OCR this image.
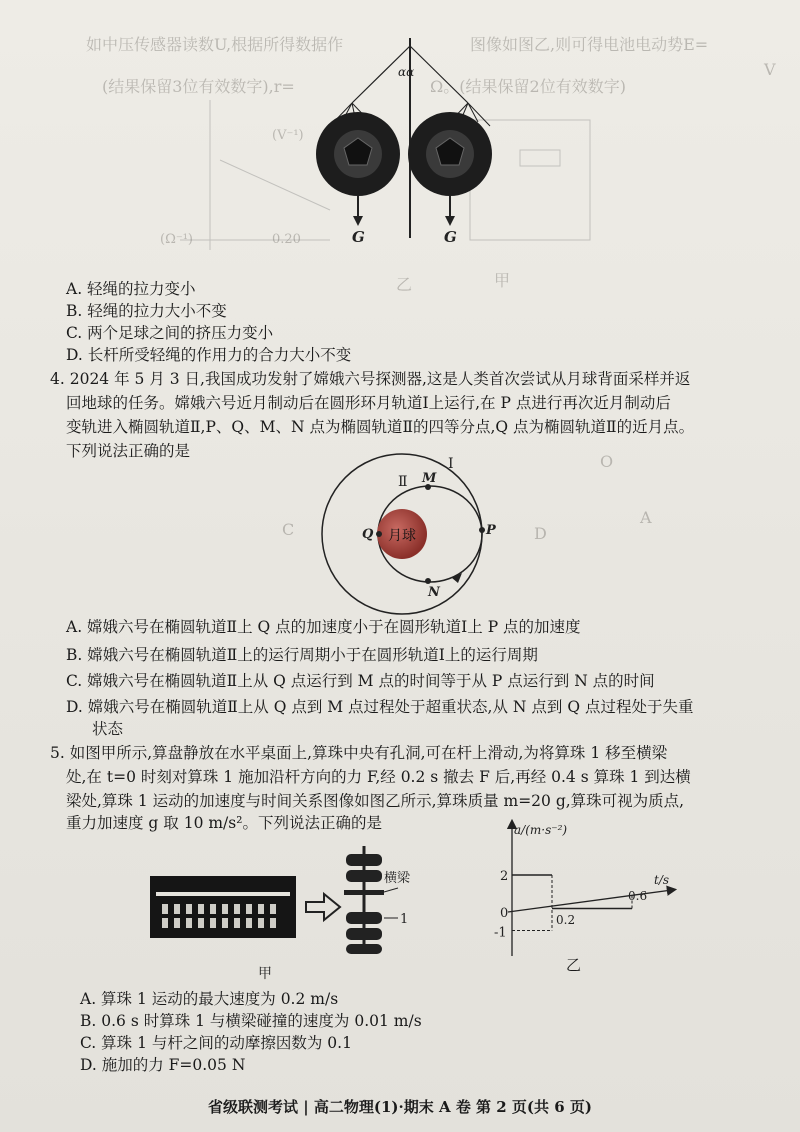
如中压传感器读数U,根据所得数据作	图像如图乙,则可得电池电动势E=
V
(结果保留3位有效数字),r=	Ω。(结果保留2位有效数字)
(V⁻¹)
(Ω⁻¹)	0.20
乙	甲
A
C	D
O
αα
G	G
A. 轻绳的拉力变小
B. 轻绳的拉力大小不变
C. 两个足球之间的挤压力变小
D. 长杆所受轻绳的作用力的合力大小不变
4. 2024 年 5 月 3 日,我国成功发射了嫦娥六号探测器,这是人类首次尝试从月球背面采样并返
回地球的任务。嫦娥六号近月制动后在圆形环月轨道Ⅰ上运行,在 P 点进行再次近月制动后
变轨进入椭圆轨道Ⅱ,P、Q、M、N 点为椭圆轨道Ⅱ的四等分点,Q 点为椭圆轨道Ⅱ的近月点。
下列说法正确的是
月球
Ⅰ
Ⅱ M
P
Q
N
A. 嫦娥六号在椭圆轨道Ⅱ上 Q 点的加速度小于在圆形轨道Ⅰ上 P 点的加速度
B. 嫦娥六号在椭圆轨道Ⅱ上的运行周期小于在圆形轨道Ⅰ上的运行周期
C. 嫦娥六号在椭圆轨道Ⅱ上从 Q 点运行到 M 点的时间等于从 P 点运行到 N 点的时间
D. 嫦娥六号在椭圆轨道Ⅱ上从 Q 点到 M 点过程处于超重状态,从 N 点到 Q 点过程处于失重
状态
5. 如图甲所示,算盘静放在水平桌面上,算珠中央有孔洞,可在杆上滑动,为将算珠 1 移至横梁
处,在 t=0 时刻对算珠 1 施加沿杆方向的力 F,经 0.2 s 撤去 F 后,再经 0.4 s 算珠 1 到达横
梁处,算珠 1 运动的加速度与时间关系图像如图乙所示,算珠质量 m=20 g,算珠可视为质点,
重力加速度 g 取 10 m/s²。下列说法正确的是
横梁
1
甲
a/(m·s⁻²)
t/s
2
0
-1
0.2
0.6
乙
A. 算珠 1 运动的最大速度为 0.2 m/s
B. 0.6 s 时算珠 1 与横梁碰撞的速度为 0.01 m/s
C. 算珠 1 与杆之间的动摩擦因数为 0.1
D. 施加的力 F=0.05 N
省级联测考试 | 高二物理(1)·期末 A 卷 第 2 页(共 6 页)
